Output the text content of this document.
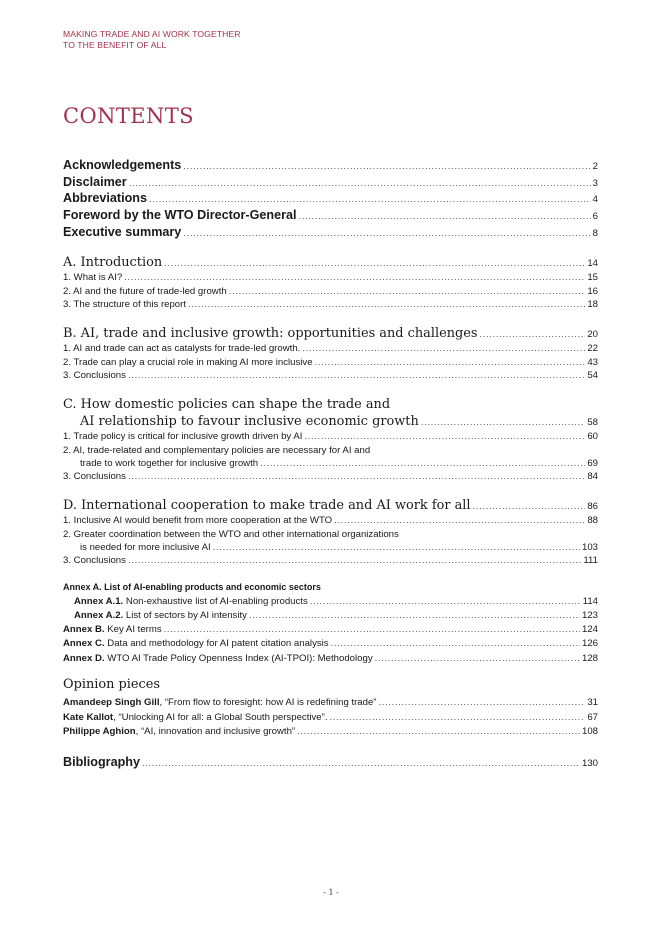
MAKING TRADE AND AI WORK TOGETHER
TO THE BENEFIT OF ALL
CONTENTS
Acknowledgements .....	2
Disclaimer .....	3
Abbreviations .....	4
Foreword by the WTO Director-General .....	6
Executive summary .....	8
A. Introduction .....	14
1. What is AI? .....	15
2. AI and the future of trade-led growth .....	16
3. The structure of this report .....	18
B. AI, trade and inclusive growth: opportunities and challenges .....	20
1. AI and trade can act as catalysts for trade-led growth. .....	22
2. Trade can play a crucial role in making AI more inclusive .....	43
3. Conclusions .....	54
C. How domestic policies can shape the trade and
AI relationship to favour inclusive economic growth .....	58
1. Trade policy is critical for inclusive growth driven by AI .....	60
2. AI, trade-related and complementary policies are necessary for AI and
trade to work together for inclusive growth .....	69
3. Conclusions .....	84
D. International cooperation to make trade and AI work for all .....	86
1. Inclusive AI would benefit from more cooperation at the WTO .....	88
2. Greater coordination between the WTO and other international organizations
is needed for more inclusive AI .....	103
3. Conclusions .....	111
Annex A. List of AI-enabling products and economic sectors
Annex A.1. Non-exhaustive list of AI-enabling products .....	114
Annex A.2. List of sectors by AI intensity .....	123
Annex B. Key AI terms .....	124
Annex C. Data and methodology for AI patent citation analysis .....	126
Annex D. WTO AI Trade Policy Openness Index (AI-TPOI): Methodology .....	128
Opinion pieces
Amandeep Singh Gill, “From flow to foresight: how AI is redefining trade” .....	31
Kate Kallot, “Unlocking AI for all: a Global South perspective”. .....	67
Philippe Aghion, “AI, innovation and inclusive growth” .....	108
Bibliography .....	130
- 1 -
